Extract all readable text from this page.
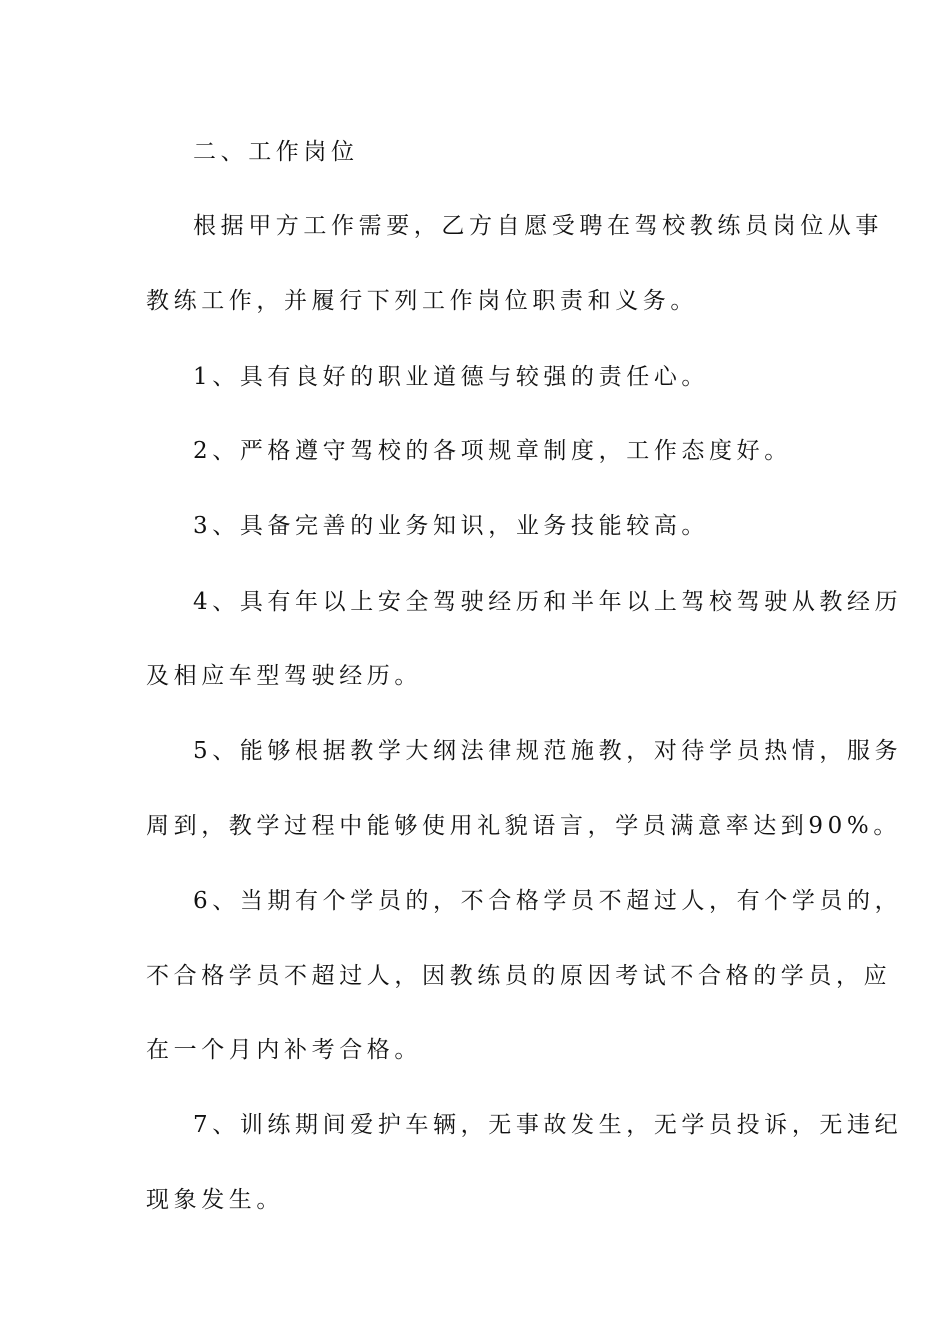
二、工作岗位
根据甲方工作需要，乙方自愿受聘在驾校教练员岗位从事
教练工作，并履行下列工作岗位职责和义务。
1、具有良好的职业道德与较强的责任心。
2、严格遵守驾校的各项规章制度，工作态度好。
3、具备完善的业务知识，业务技能较高。
4、具有年以上安全驾驶经历和半年以上驾校驾驶从教经历
及相应车型驾驶经历。
5、能够根据教学大纲法律规范施教，对待学员热情，服务
周到，教学过程中能够使用礼貌语言，学员满意率达到90%。
6、当期有个学员的，不合格学员不超过人，有个学员的，
不合格学员不超过人，因教练员的原因考试不合格的学员，应
在一个月内补考合格。
7、训练期间爱护车辆，无事故发生，无学员投诉，无违纪
现象发生。
